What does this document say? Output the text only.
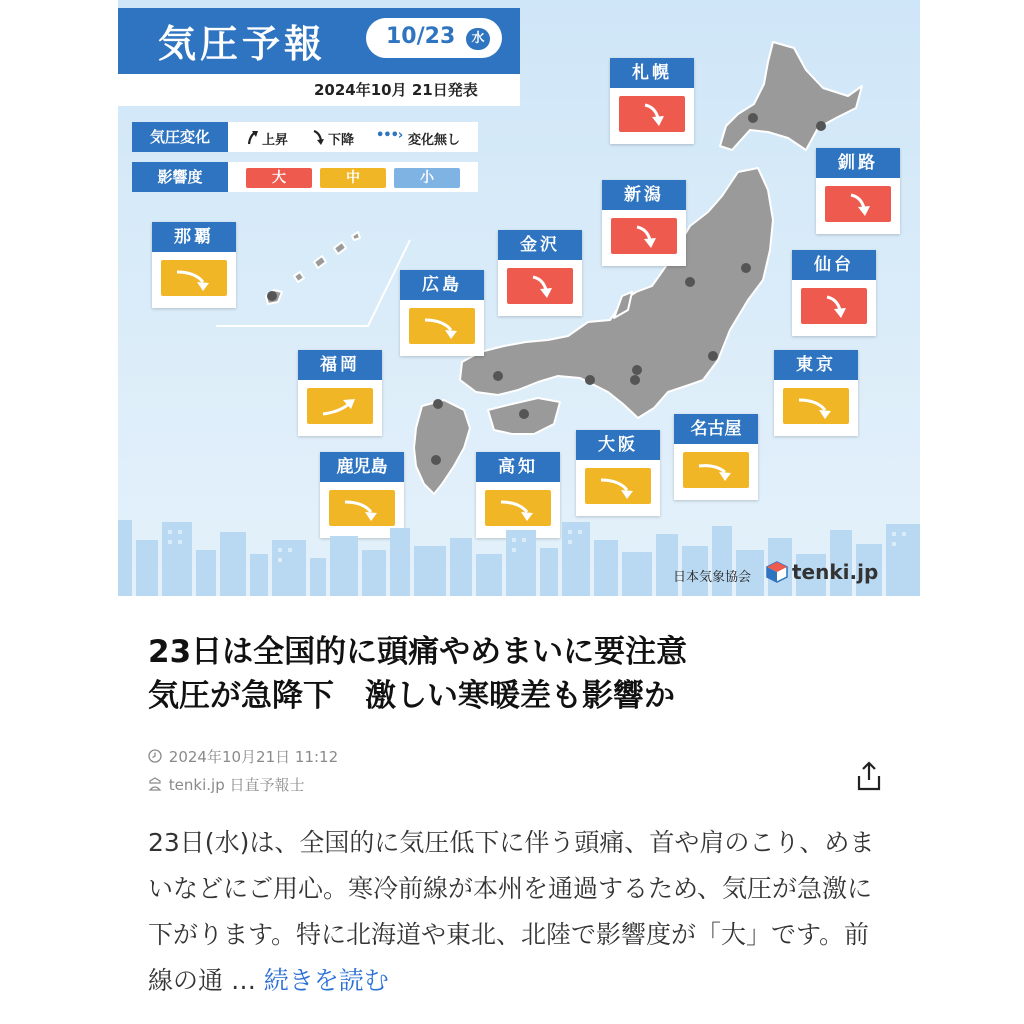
気圧予報	10/23	水
2024年10月 21日発表
気圧変化	上昇	下降 •••› 変化無し
影響度	大	中	小
札幌
釧路
新潟
金沢
仙台
那覇
広島
福岡	東京
鹿児島	高知
大阪
名古屋
日本気象協会 tenki.jp
23日は全国的に頭痛やめまいに要注意
気圧が急降下　激しい寒暖差も影響か
2024年10月21日 11:12
tenki.jp 日直予報士

23日(水)は、全国的に気圧低下に伴う頭痛、首や肩のこり、めまいなどにご用心。寒冷前線が本州を通過するため、気圧が急激に下がります。特に北海道や東北、北陸で影響度が「大」です。前線の通 … 続きを読む
